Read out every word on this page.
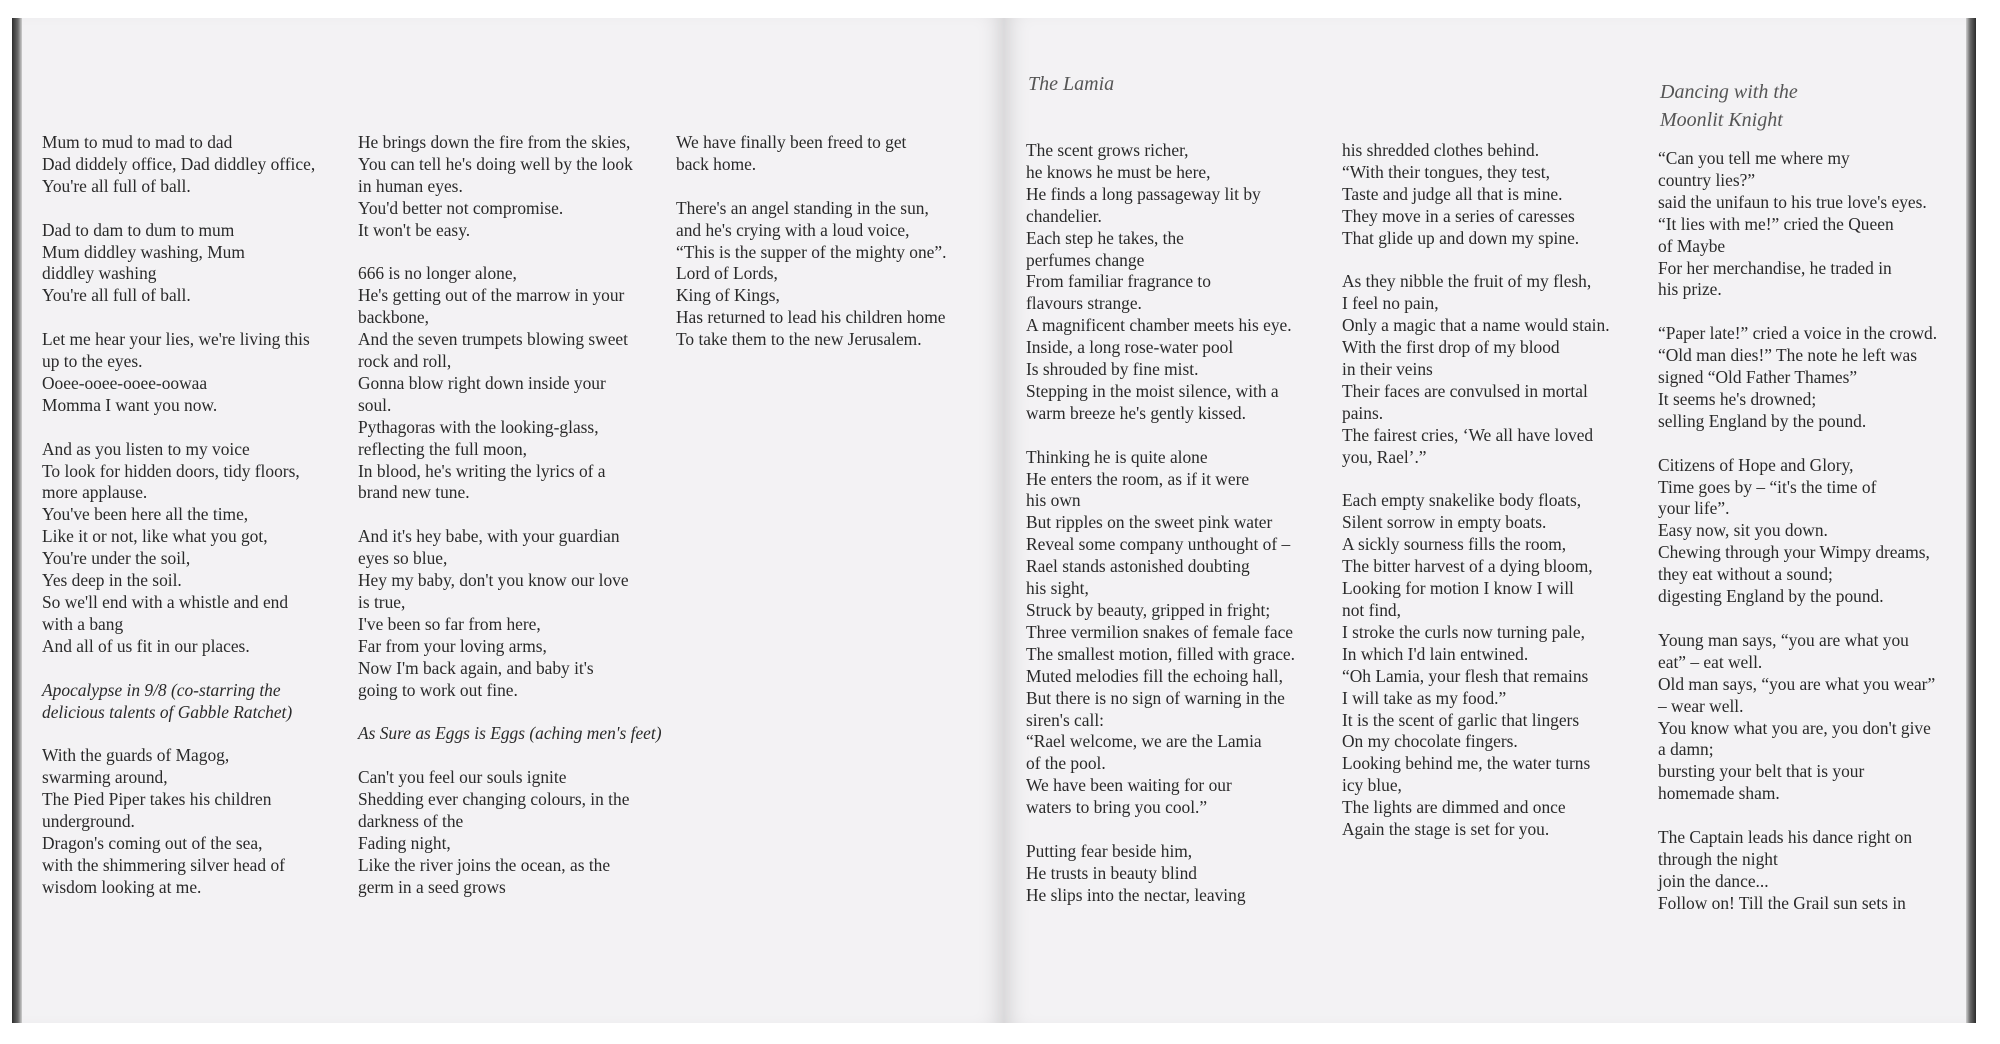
Mum to mud to mad to dad
Dad diddely office, Dad diddley office,
You're all full of ball.
Dad to dam to dum to mum
Mum diddley washing, Mum
diddley washing
You're all full of ball.
Let me hear your lies, we're living this
up to the eyes.
Ooee-ooee-ooee-oowaa
Momma I want you now.
And as you listen to my voice
To look for hidden doors, tidy floors,
more applause.
You've been here all the time,
Like it or not, like what you got,
You're under the soil,
Yes deep in the soil.
So we'll end with a whistle and end
with a bang
And all of us fit in our places.
Apocalypse in 9/8 (co-starring the
delicious talents of Gabble Ratchet)
With the guards of Magog,
swarming around,
The Pied Piper takes his children
underground.
Dragon's coming out of the sea,
with the shimmering silver head of
wisdom looking at me.
He brings down the fire from the skies,
You can tell he's doing well by the look
in human eyes.
You'd better not compromise.
It won't be easy.
666 is no longer alone,
He's getting out of the marrow in your
backbone,
And the seven trumpets blowing sweet
rock and roll,
Gonna blow right down inside your
soul.
Pythagoras with the looking-glass,
reflecting the full moon,
In blood, he's writing the lyrics of a
brand new tune.
And it's hey babe, with your guardian
eyes so blue,
Hey my baby, don't you know our love
is true,
I've been so far from here,
Far from your loving arms,
Now I'm back again, and baby it's
going to work out fine.
As Sure as Eggs is Eggs (aching men's feet)
Can't you feel our souls ignite
Shedding ever changing colours, in the
darkness of the
Fading night,
Like the river joins the ocean, as the
germ in a seed grows
We have finally been freed to get
back home.
There's an angel standing in the sun,
and he's crying with a loud voice,
“This is the supper of the mighty one”.
Lord of Lords,
King of Kings,
Has returned to lead his children home
To take them to the new Jerusalem.
The Lamia	Dancing with the
Moonlit Knight
The scent grows richer,
he knows he must be here,
He finds a long passageway lit by
chandelier.
Each step he takes, the
perfumes change
From familiar fragrance to
flavours strange.
A magnificent chamber meets his eye.
Inside, a long rose-water pool
Is shrouded by fine mist.
Stepping in the moist silence, with a
warm breeze he's gently kissed.
Thinking he is quite alone
He enters the room, as if it were
his own
But ripples on the sweet pink water
Reveal some company unthought of –
Rael stands astonished doubting
his sight,
Struck by beauty, gripped in fright;
Three vermilion snakes of female face
The smallest motion, filled with grace.
Muted melodies fill the echoing hall,
But there is no sign of warning in the
siren's call:
“Rael welcome, we are the Lamia
of the pool.
We have been waiting for our
waters to bring you cool.”
Putting fear beside him,
He trusts in beauty blind
He slips into the nectar, leaving
his shredded clothes behind.
“With their tongues, they test,
Taste and judge all that is mine.
They move in a series of caresses
That glide up and down my spine.
As they nibble the fruit of my flesh,
I feel no pain,
Only a magic that a name would stain.
With the first drop of my blood
in their veins
Their faces are convulsed in mortal
pains.
The fairest cries, ‘We all have loved
you, Rael’.”
Each empty snakelike body floats,
Silent sorrow in empty boats.
A sickly sourness fills the room,
The bitter harvest of a dying bloom,
Looking for motion I know I will
not find,
I stroke the curls now turning pale,
In which I'd lain entwined.
“Oh Lamia, your flesh that remains
I will take as my food.”
It is the scent of garlic that lingers
On my chocolate fingers.
Looking behind me, the water turns
icy blue,
The lights are dimmed and once
Again the stage is set for you.
“Can you tell me where my
country lies?”
said the unifaun to his true love's eyes.
“It lies with me!” cried the Queen
of Maybe
For her merchandise, he traded in
his prize.
“Paper late!” cried a voice in the crowd.
“Old man dies!” The note he left was
signed “Old Father Thames”
It seems he's drowned;
selling England by the pound.
Citizens of Hope and Glory,
Time goes by – “it's the time of
your life”.
Easy now, sit you down.
Chewing through your Wimpy dreams,
they eat without a sound;
digesting England by the pound.
Young man says, “you are what you
eat” – eat well.
Old man says, “you are what you wear”
– wear well.
You know what you are, you don't give
a damn;
bursting your belt that is your
homemade sham.
The Captain leads his dance right on
through the night
join the dance...
Follow on! Till the Grail sun sets in
